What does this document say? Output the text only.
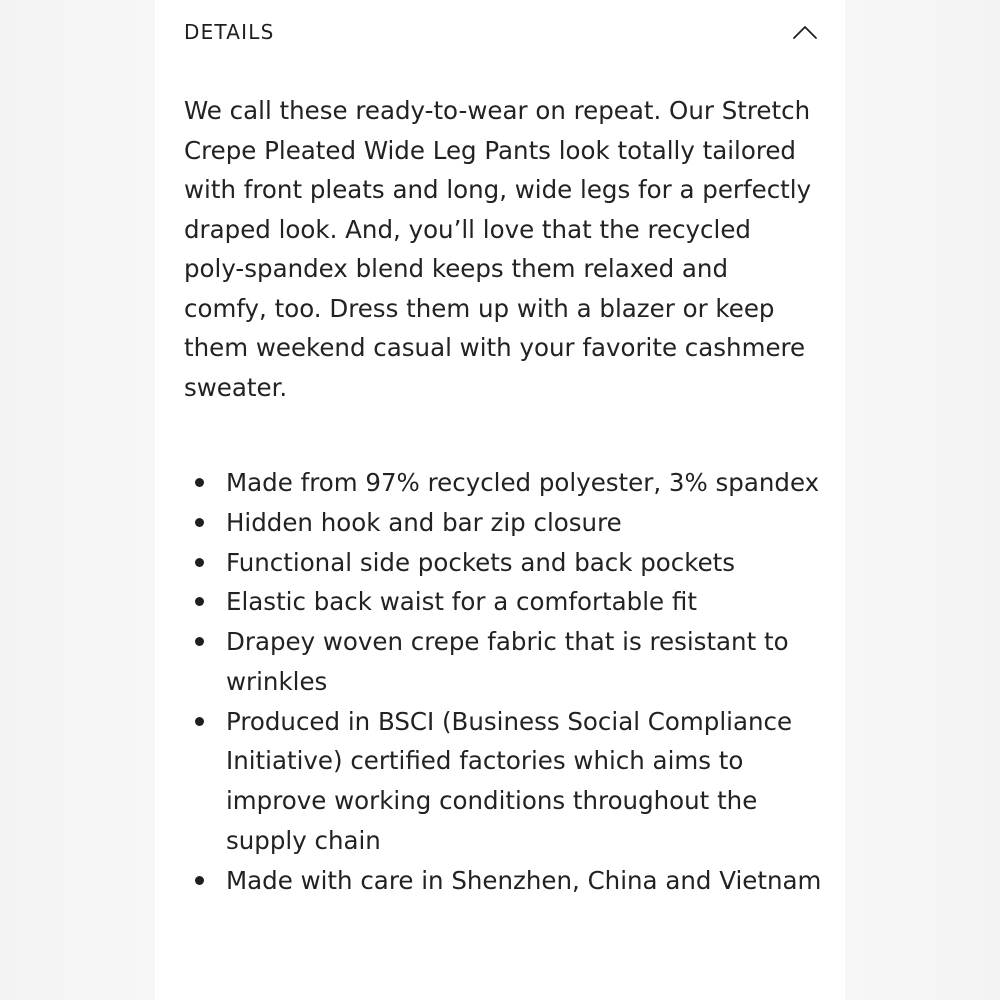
DETAILS

We call these ready-to-wear on repeat. Our Stretch Crepe Pleated Wide Leg Pants look totally tailored with front pleats and long, wide legs for a perfectly draped look. And, you’ll love that the recycled poly-spandex blend keeps them relaxed and comfy, too. Dress them up with a blazer or keep them weekend casual with your favorite cashmere sweater.

Made from 97% recycled polyester, 3% spandex
Hidden hook and bar zip closure
Functional side pockets and back pockets
Elastic back waist for a comfortable fit
Drapey woven crepe fabric that is resistant to wrinkles
Produced in BSCI (Business Social Compliance Initiative) certified factories which aims to improve working conditions throughout the supply chain
Made with care in Shenzhen, China and Vietnam
